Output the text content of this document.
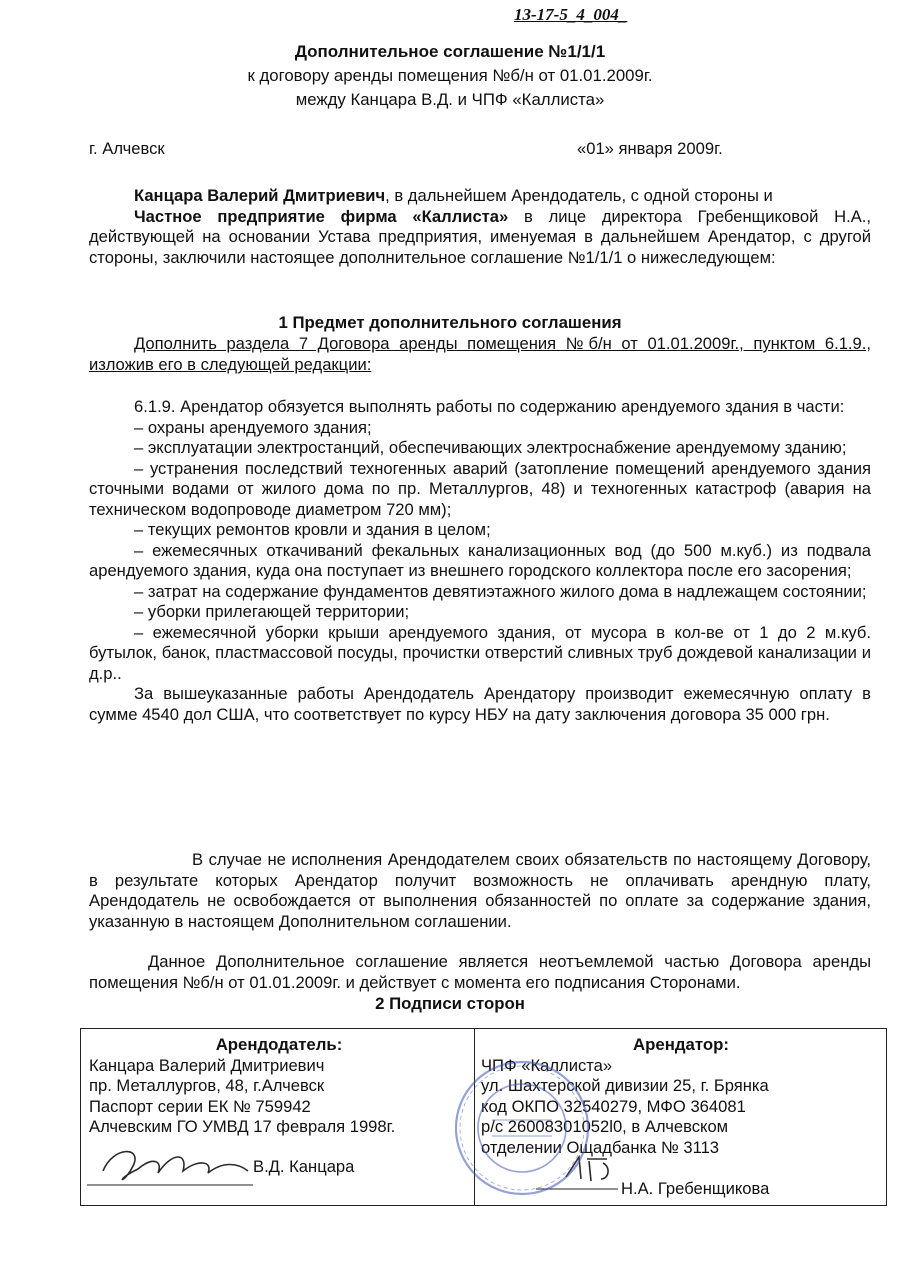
13-17-5_4_004_
Дополнительное соглашение №1/1/1
к договору аренды помещения №б/н от 01.01.2009г.
между Канцара В.Д. и ЧПФ «Каллиста»
г. Алчевск	«01» января 2009г.

Канцара Валерий Дмитриевич, в дальнейшем Арендодатель, с одной стороны и

Частное предприятие фирма «Каллиста» в лице директора Гребенщиковой Н.А., действующей на основании Устава предприятия, именуемая в дальнейшем Арендатор, с другой стороны, заключили настоящее дополнительное соглашение №1/1/1 о нижеследующем:

1 Предмет дополнительного соглашения
Дополнить раздела 7 Договора аренды помещения №б/н от 01.01.2009г., пунктом 6.1.9., изложив его в следующей редакции:

6.1.9. Арендатор обязуется выполнять работы по содержанию арендуемого здания в части:

– охраны арендуемого здания;

– эксплуатации электростанций, обеспечивающих электроснабжение арендуемому зданию;

– устранения последствий техногенных аварий (затопление помещений арендуемого здания сточными водами от жилого дома по пр. Металлургов, 48) и техногенных катастроф (авария на техническом водопроводе диаметром 720 мм);

– текущих ремонтов кровли и здания в целом;

– ежемесячных откачиваний фекальных канализационных вод (до 500 м.куб.) из подвала арендуемого здания, куда она поступает из внешнего городского коллектора после его засорения;

– затрат на содержание фундаментов девятиэтажного жилого дома в надлежащем состоянии;

– уборки прилегающей территории;

– ежемесячной уборки крыши арендуемого здания, от мусора в кол-ве от 1 до 2 м.куб. бутылок, банок, пластмассовой посуды, прочистки отверстий сливных труб дождевой канализации и д.р..

За вышеуказанные работы Арендодатель Арендатору производит ежемесячную оплату в сумме 4540 дол США, что соответствует по курсу НБУ на дату заключения договора 35 000 грн.

В случае не исполнения Арендодателем своих обязательств по настоящему Договору, в результате которых Арендатор получит возможность не оплачивать арендную плату, Арендодатель не освобождается от выполнения обязанностей по оплате за содержание здания, указанную в настоящем Дополнительном соглашении.
Данное Дополнительное соглашение является неотъемлемой частью Договора аренды помещения №б/н от 01.01.2009г. и действует с момента его подписания Сторонами.
2 Подписи сторон
Арендодатель:
Канцара Валерий Дмитриевич
пр. Металлургов, 48, г.Алчевск
Паспорт серии ЕК № 759942
Алчевским ГО УМВД 17 февраля 1998г.
Арендатор:
ЧПФ «Каллиста»
ул. Шахтерской дивизии 25, г. Брянка
код ОКПО 32540279, МФО 364081
р/с 26008301052l0, в Алчевском
отделении Ощадбанка № 3113
В.Д. Канцара
Н.А. Гребенщикова
